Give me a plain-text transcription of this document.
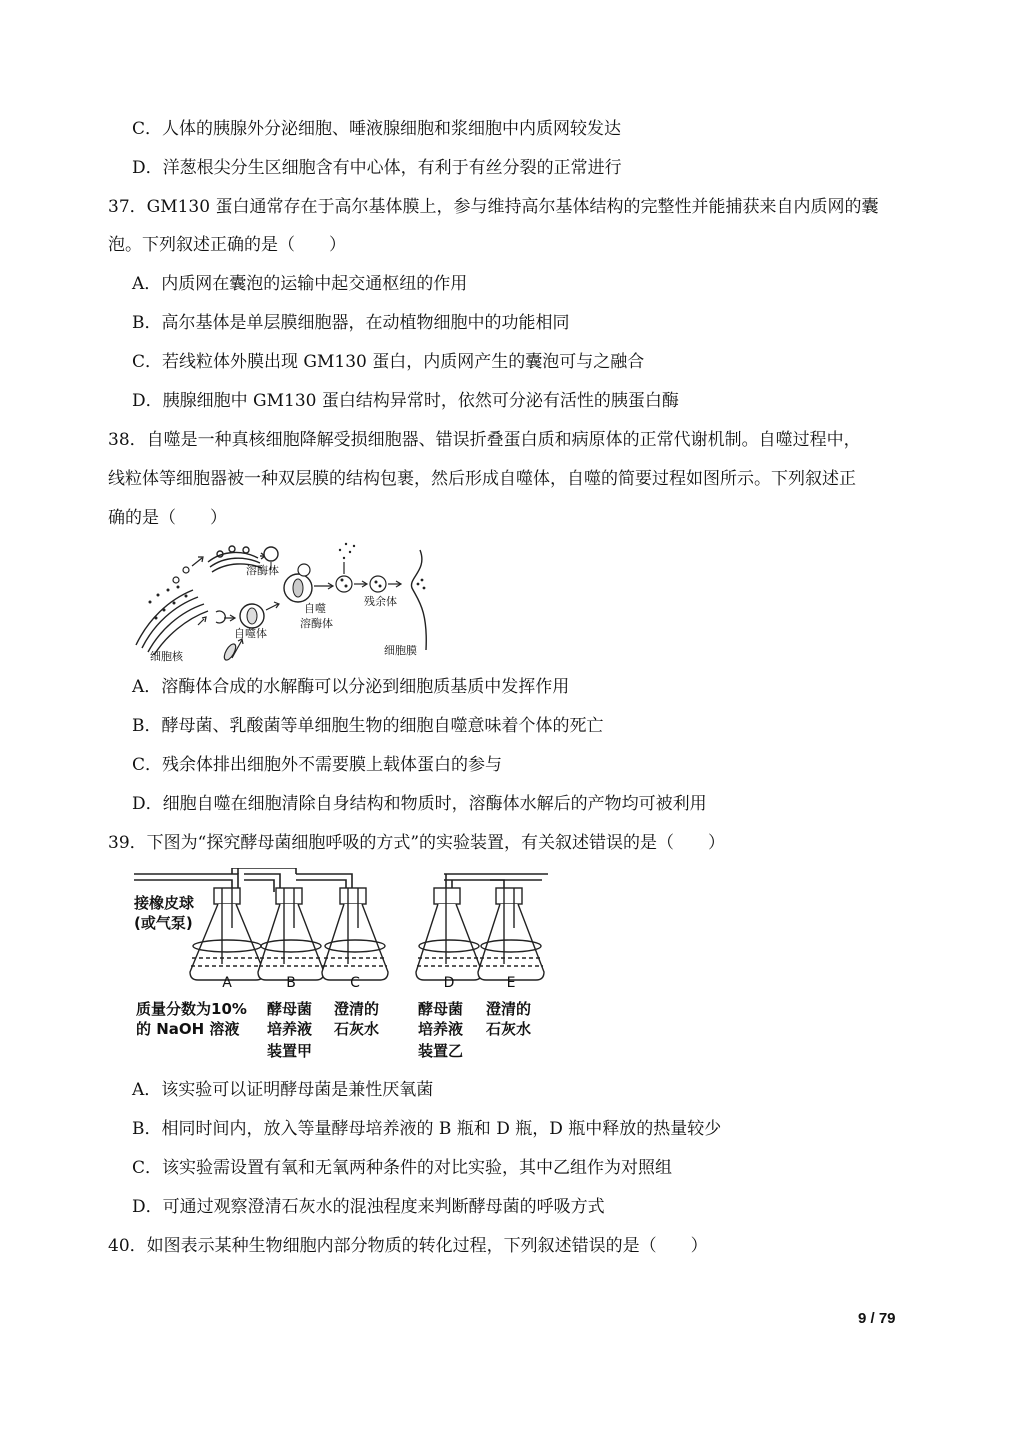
C．人体的胰腺外分泌细胞、唾液腺细胞和浆细胞中内质网较发达
D．洋葱根尖分生区细胞含有中心体，有利于有丝分裂的正常进行
37．GM130 蛋白通常存在于高尔基体膜上，参与维持高尔基体结构的完整性并能捕获来自内质网的囊
泡。下列叙述正确的是（　　）
A．内质网在囊泡的运输中起交通枢纽的作用
B．高尔基体是单层膜细胞器，在动植物细胞中的功能相同
C．若线粒体外膜出现 GM130 蛋白，内质网产生的囊泡可与之融合
D．胰腺细胞中 GM130 蛋白结构异常时，依然可分泌有活性的胰蛋白酶
38．自噬是一种真核细胞降解受损细胞器、错误折叠蛋白质和病原体的正常代谢机制。自噬过程中，
线粒体等细胞器被一种双层膜的结构包裹，然后形成自噬体，自噬的简要过程如图所示。下列叙述正
确的是（　　）
溶酶体
自噬体
自噬
溶酶体
残余体
细胞膜
细胞核
A．溶酶体合成的水解酶可以分泌到细胞质基质中发挥作用
B．酵母菌、乳酸菌等单细胞生物的细胞自噬意味着个体的死亡
C．残余体排出细胞外不需要膜上载体蛋白的参与
D．细胞自噬在细胞清除自身结构和物质时，溶酶体水解后的产物均可被利用
39．下图为“探究酵母菌细胞呼吸的方式”的实验装置，有关叙述错误的是（　　）
A	B	C	D	E
接橡皮球
(或气泵)
质量分数为10%
的 NaOH 溶液
酵母菌
培养液
装置甲
澄清的
石灰水
酵母菌
培养液
装置乙
澄清的
石灰水
A．该实验可以证明酵母菌是兼性厌氧菌
B．相同时间内，放入等量酵母培养液的 B 瓶和 D 瓶，D 瓶中释放的热量较少
C．该实验需设置有氧和无氧两种条件的对比实验，其中乙组作为对照组
D．可通过观察澄清石灰水的混浊程度来判断酵母菌的呼吸方式
40．如图表示某种生物细胞内部分物质的转化过程，下列叙述错误的是（　　）
9 / 79
